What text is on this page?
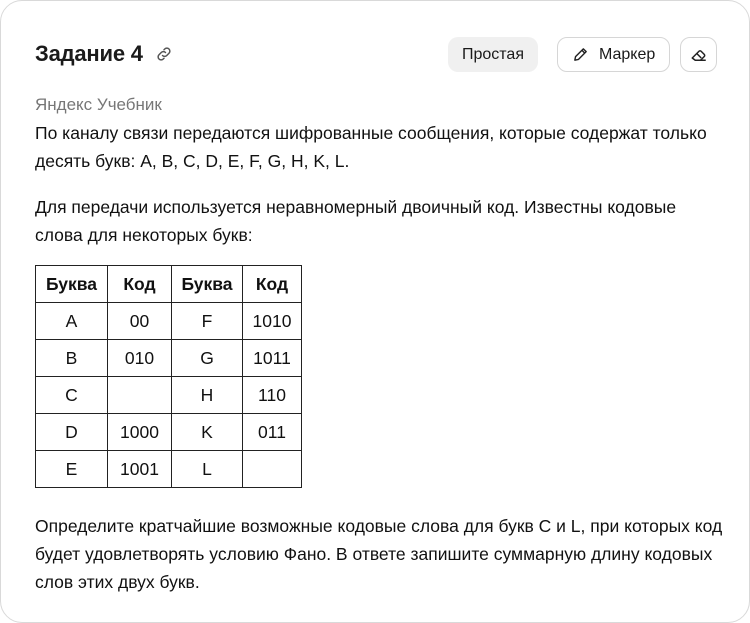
Задание 4	Простая	Маркер
Яндекс Учебник
По каналу связи передаются шифрованные сообщения, которые содержат только десять букв: A, B, C, D, E, F, G, H, K, L.
Для передачи используется неравномерный двоичный код. Известны кодовые слова для некоторых букв:
Буква	Код	Буква	Код
A	00	F	1010
B	010	G	1011
C		H	110
D	1000	K	011
E	1001	L	
Определите кратчайшие возможные кодовые слова для букв C и L, при которых код будет удовлетворять условию Фано. В ответе запишите суммарную длину кодовых слов этих двух букв.
